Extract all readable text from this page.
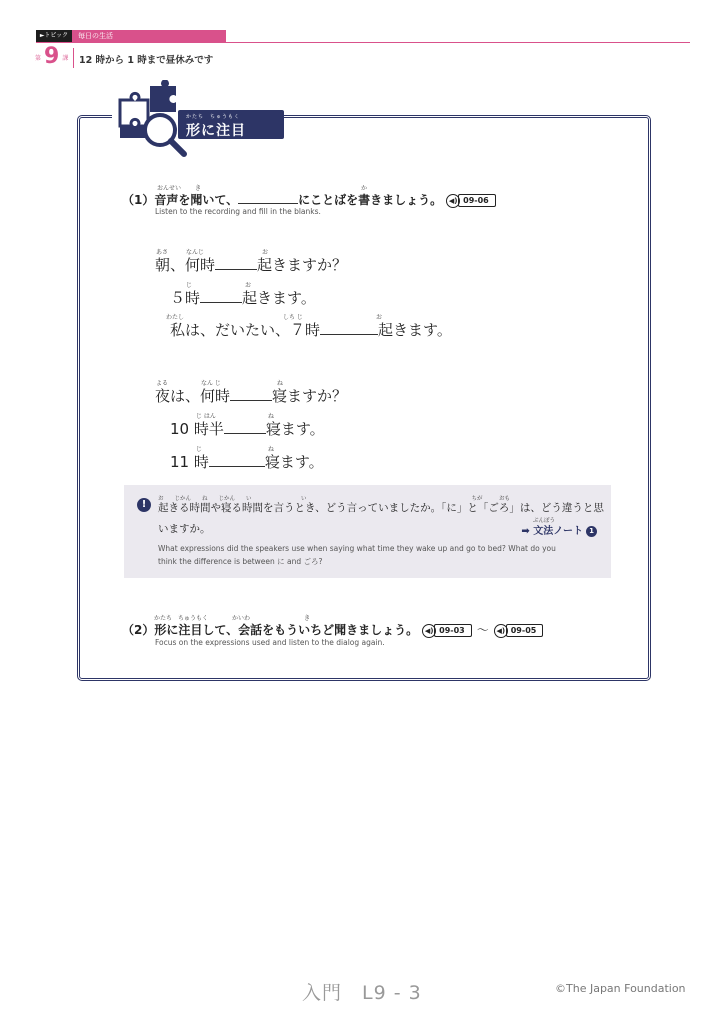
►トピック	毎日の生活
第 9 課 12 時から 1 時まで昼休みです
かたち　ちゅうもく
形に注目
おんせい き	か
（1）音声を聞いて、	にことばを書きましょう。 ◀) 09-06
Listen to the recording and fill in the blanks.
あさ	なんじ	お
朝、何時	起きますか？
じ	お
５時	起きます。
わたし	しち じ	お
私は、だいたい、７時	起きます。
よる	なん じ	ね
夜は、何時	寝ますか？
じ はん	ね
10 時半	寝ます。
じ	ね
11 時	寝ます。
!	お　　じかん　　ね　　じかん　　い　　　　　　　　　い　　　　　　　　　　　　　　　　　　　　　　　　　　　　　　ちが　　　おも
起きる時間や寝る時間を言うとき、どう言っていましたか。「に」と「ごろ」は、どう違うと思
いますか。	➡ 文法ノート 1
ぶんぽう
What expressions did the speakers use when saying what time they wake up and go to bed? What do you
think the difference is between に and ごろ?
かたち　ちゅうもく　　　　かいわ　　　　　　　　　き
（2）形に注目して、会話をもういちど聞きましょう。 ◀) 09-03	〜	◀) 09-05
Focus on the expressions used and listen to the dialog again.
入門　L9 - 3	©The Japan Foundation
